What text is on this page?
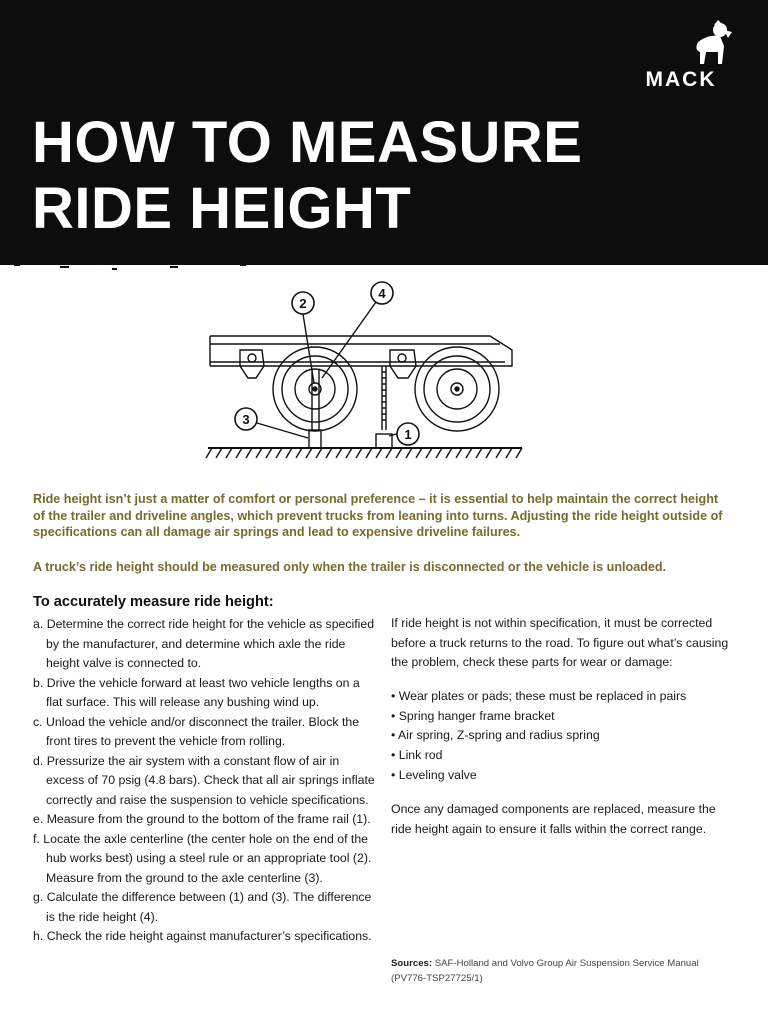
MACK
HOW TO MEASURE
RIDE HEIGHT
2
4
3
1

Ride height isn’t just a matter of comfort or personal preference – it is essential to help maintain the correct height of the trailer and driveline angles, which prevent trucks from leaning into turns. Adjusting the ride height outside of specifications can all damage air springs and lead to expensive driveline failures.

A truck’s ride height should be measured only when the trailer is disconnected or the vehicle is unloaded.

To accurately measure ride height:
a. Determine the correct ride height for the vehicle as specified by the manufacturer, and determine which axle the ride height valve is connected to.
b. Drive the vehicle forward at least two vehicle lengths on a flat surface. This will release any bushing wind up.
c. Unload the vehicle and/or disconnect the trailer. Block the front tires to prevent the vehicle from rolling.
d. Pressurize the air system with a constant flow of air in excess of 70 psig (4.8 bars). Check that all air springs inflate correctly and raise the suspension to vehicle specifications.
e. Measure from the ground to the bottom of the frame rail (1).
f. Locate the axle centerline (the center hole on the end of the hub works best) using a steel rule or an appropriate tool (2). Measure from the ground to the axle centerline (3).
g. Calculate the difference between (1) and (3). The difference is the ride height (4).
h. Check the ride height against manufacturer’s specifications.

If ride height is not within specification, it must be corrected before a truck returns to the road. To figure out what’s causing the problem, check these parts for wear or damage:

• Wear plates or pads; these must be replaced in pairs
• Spring hanger frame bracket
• Air spring, Z-spring and radius spring
• Link rod
• Leveling valve

Once any damaged components are replaced, measure the ride height again to ensure it falls within the correct range.

Sources: SAF-Holland and Volvo Group Air Suspension Service Manual (PV776-TSP27725/1)
